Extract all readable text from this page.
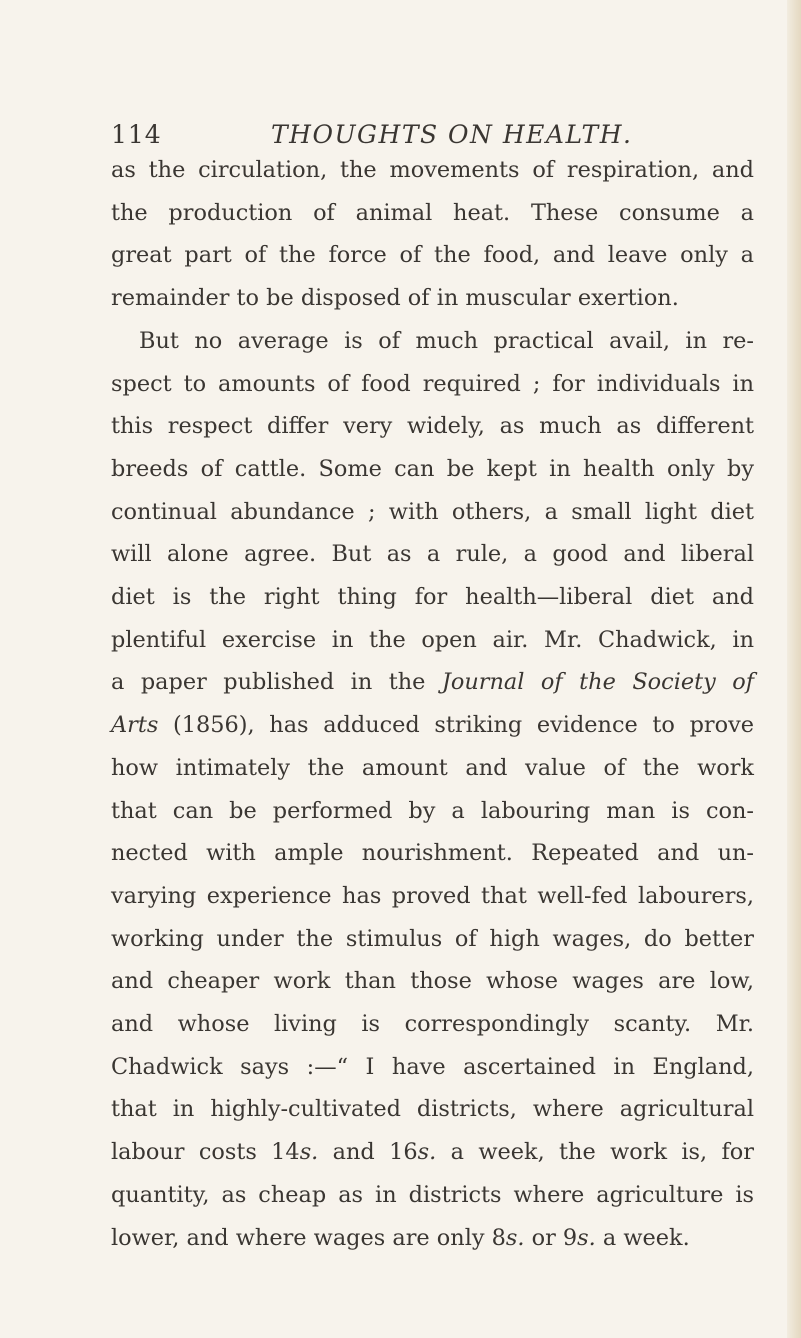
114	THOUGHTS ON HEALTH.
as the circulation, the movements of respiration, and
the production of animal heat. These consume a
great part of the force of the food, and leave only a
remainder to be disposed of in muscular exertion.
But no average is of much practical avail, in re-
spect to amounts of food required ; for individuals in
this respect differ very widely, as much as different
breeds of cattle. Some can be kept in health only by
continual abundance ; with others, a small light diet
will alone agree. But as a rule, a good and liberal
diet is the right thing for health—liberal diet and
plentiful exercise in the open air. Mr. Chadwick, in
a paper published in the Journal of the Society of
Arts (1856), has adduced striking evidence to prove
how intimately the amount and value of the work
that can be performed by a labouring man is con-
nected with ample nourishment. Repeated and un-
varying experience has proved that well-fed labourers,
working under the stimulus of high wages, do better
and cheaper work than those whose wages are low,
and whose living is correspondingly scanty. Mr.
Chadwick says :—“ I have ascertained in England,
that in highly-cultivated districts, where agricultural
labour costs 14s. and 16s. a week, the work is, for
quantity, as cheap as in districts where agriculture is
lower, and where wages are only 8s. or 9s. a week.
